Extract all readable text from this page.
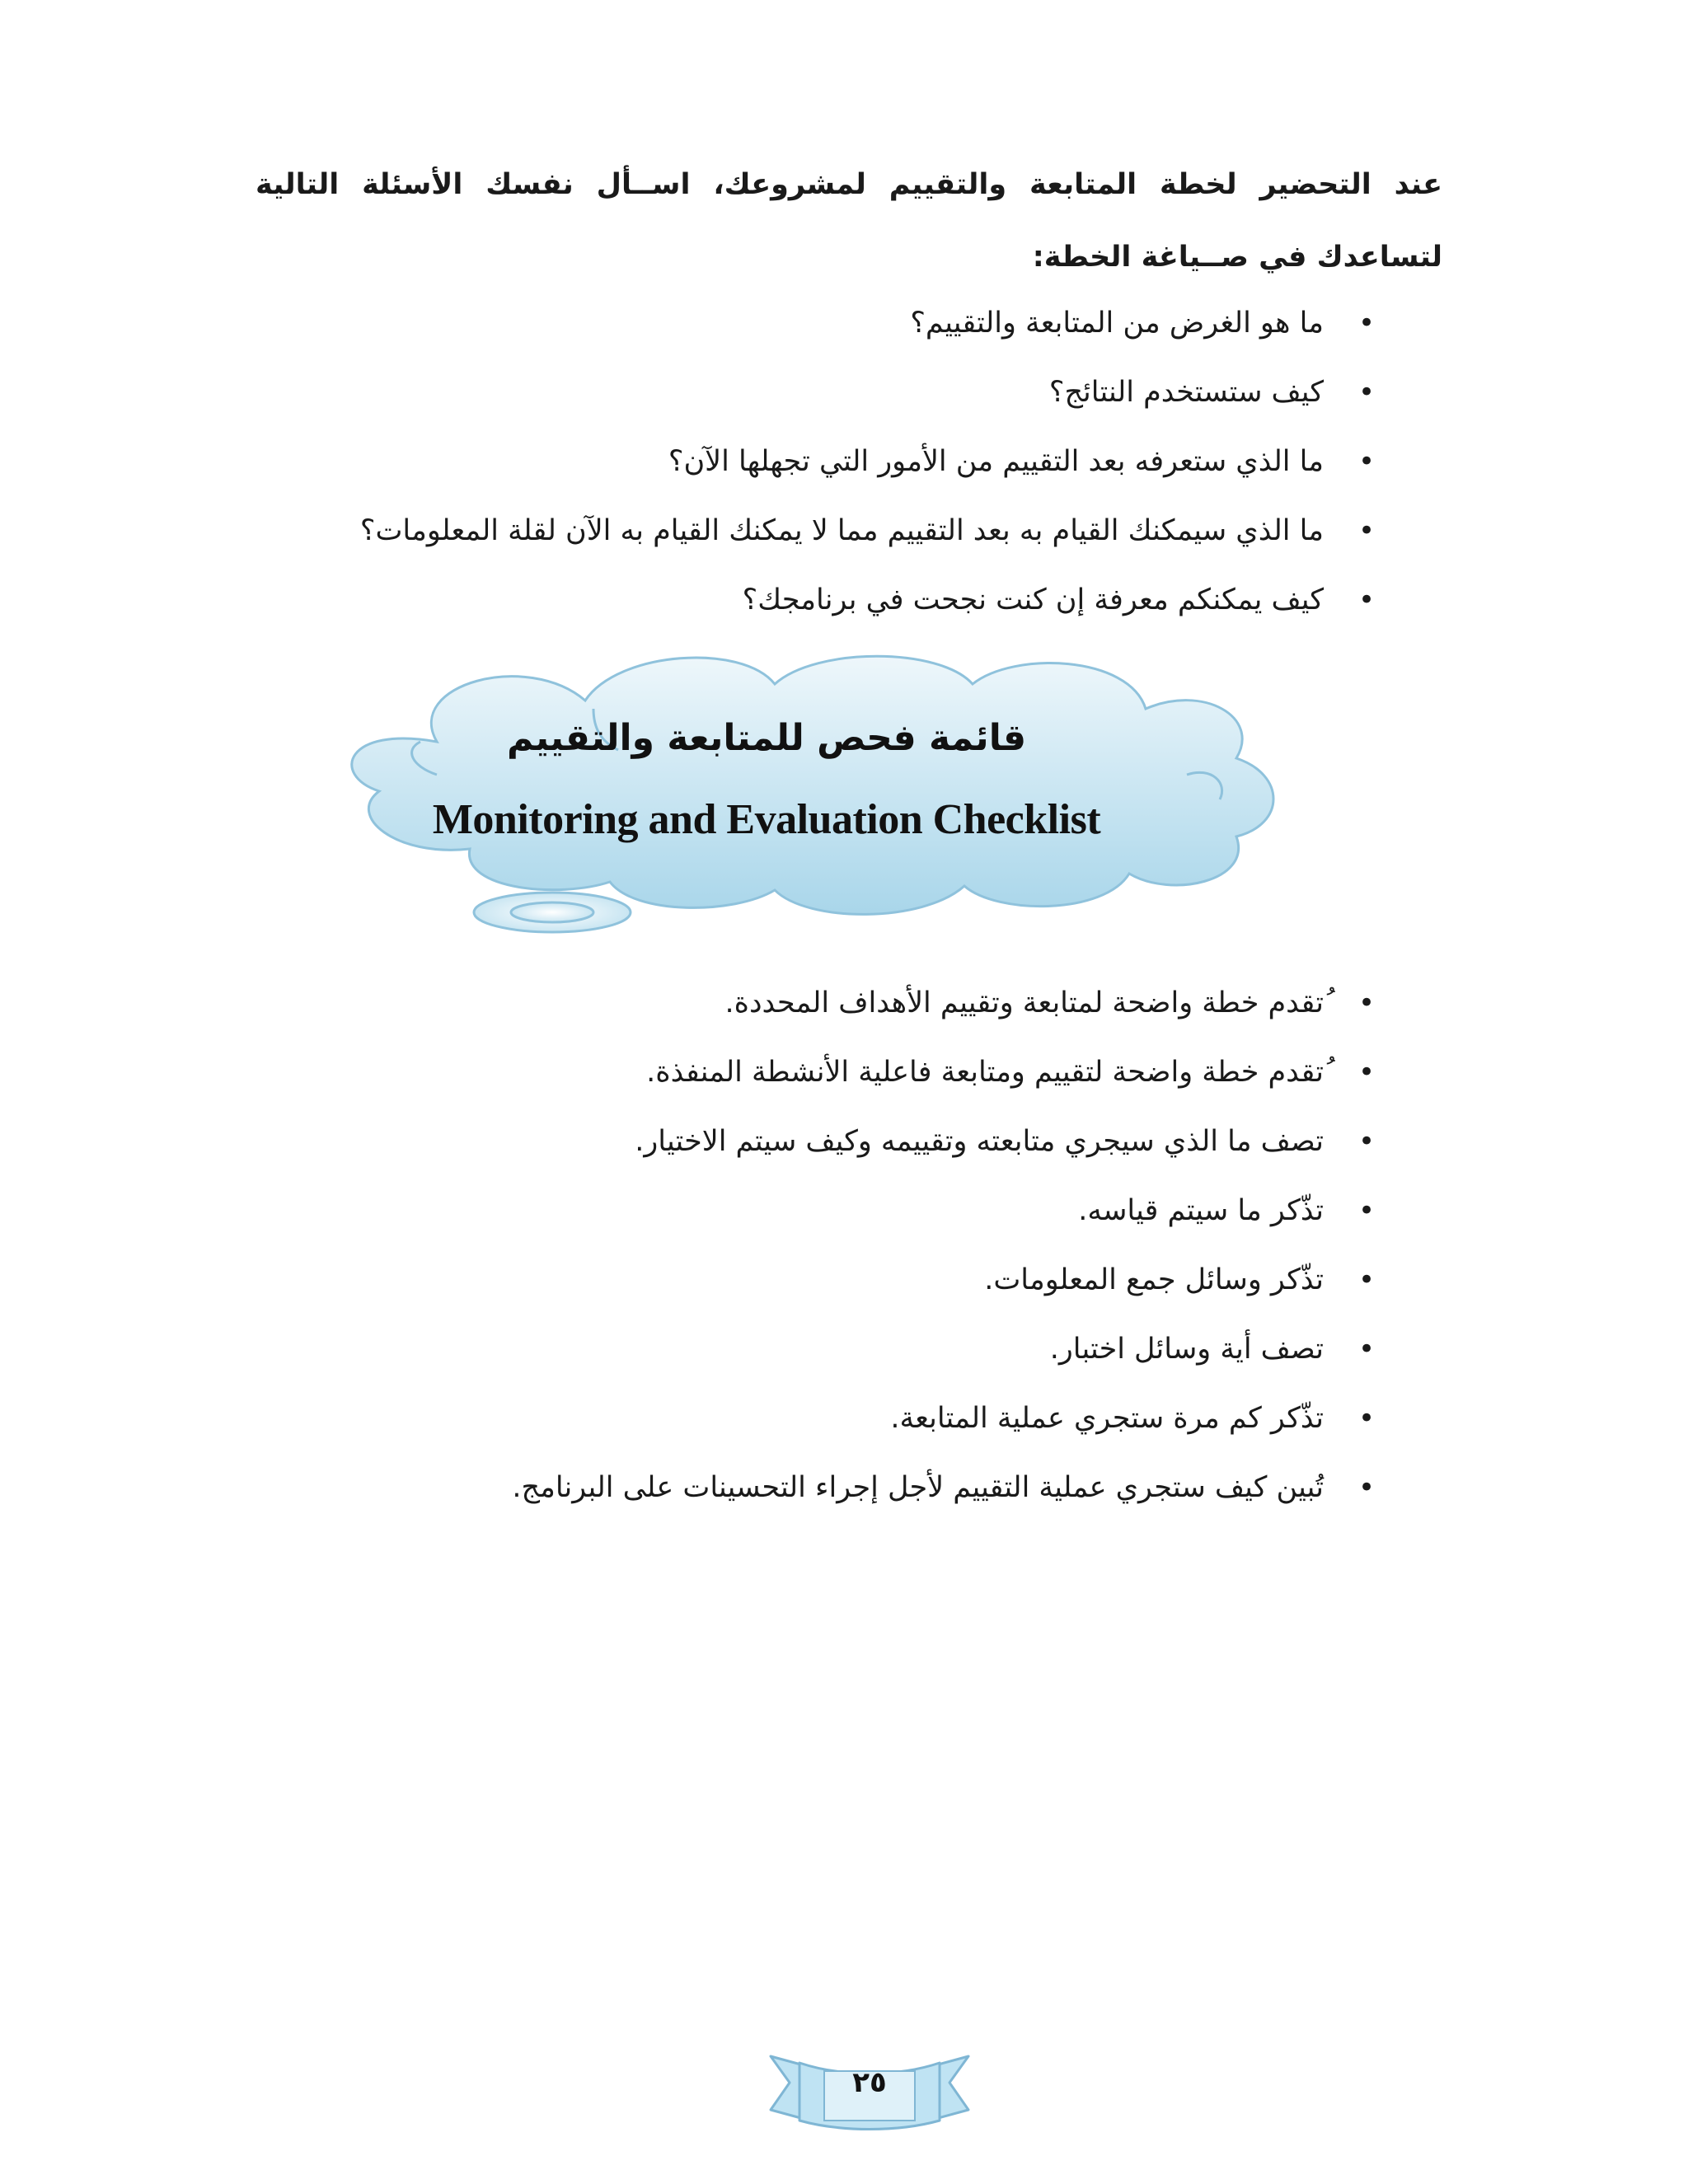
عند التحضير لخطة المتابعة والتقييم لمشروعك، اســأل نفسك الأسئلة التالية لتساعدك في صــياغة الخطة:

• ما هو الغرض من المتابعة والتقييم؟
• كيف ستستخدم النتائج؟
• ما الذي ستعرفه بعد التقييم من الأمور التي تجهلها الآن؟
• ما الذي سيمكنك القيام به بعد التقييم مما لا يمكنك القيام به الآن لقلة المعلومات؟
• كيف يمكنكم معرفة إن كنت نجحت في برنامجك؟
قائمة فحص للمتابعة والتقييم
Monitoring and Evaluation Checklist
• ُتقدم خطة واضحة لمتابعة وتقييم الأهداف المحددة.
• ُتقدم خطة واضحة لتقييم ومتابعة فاعلية الأنشطة المنفذة.
• تصف ما الذي سيجري متابعته وتقييمه وكيف سيتم الاختيار.
• تذّكر ما سيتم قياسه.
• تذّكر وسائل جمع المعلومات.
• تصف أية وسائل اختبار.
• تذّكر كم مرة ستجري عملية المتابعة.
• تُبين كيف ستجري عملية التقييم لأجل إجراء التحسينات على البرنامج.
٢٥
